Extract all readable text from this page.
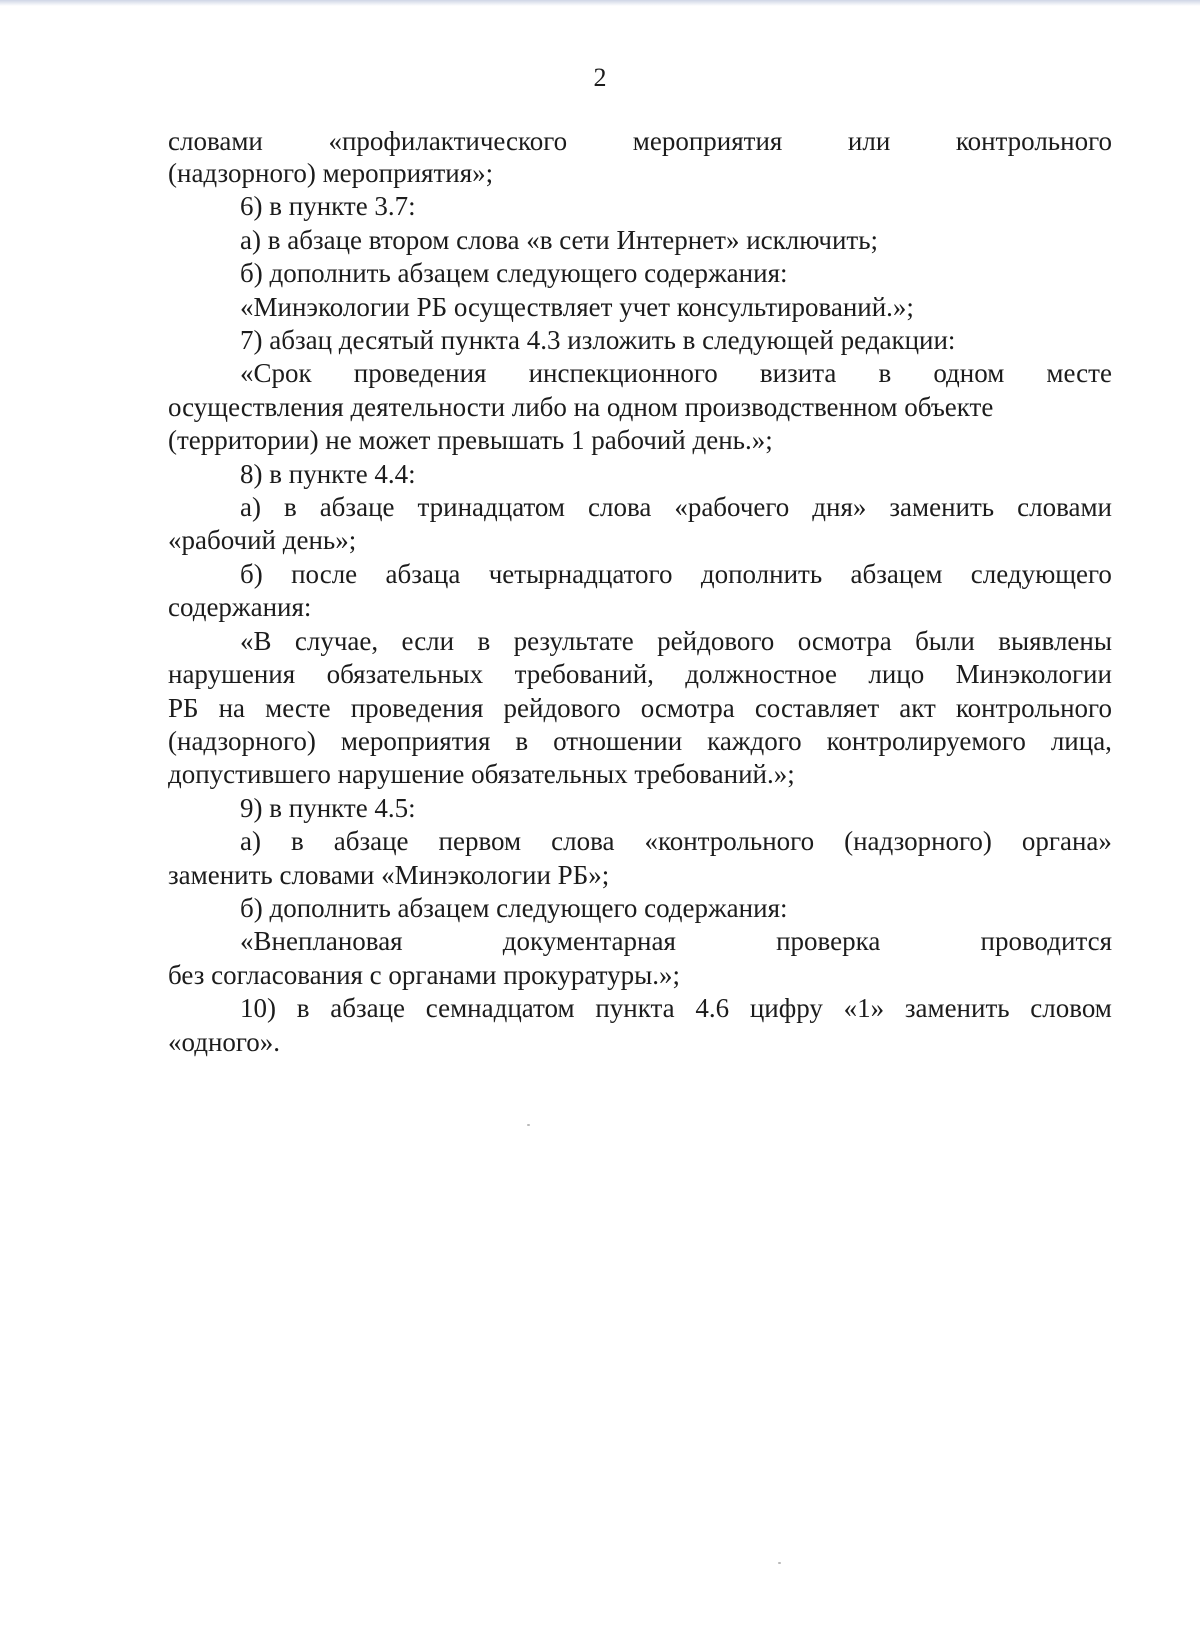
2
словами «профилактического мероприятия или контрольного
(надзорного) мероприятия»;
6) в пункте 3.7:
а) в абзаце втором слова «в сети Интернет» исключить;
б) дополнить абзацем следующего содержания:
«Минэкологии РБ осуществляет учет консультирований.»;
7) абзац десятый пункта 4.3 изложить в следующей редакции:
«Срок проведения инспекционного визита в одном месте
осуществления деятельности либо на одном производственном объекте
(территории) не может превышать 1 рабочий день.»;
8) в пункте 4.4:
а) в абзаце тринадцатом слова «рабочего дня» заменить словами
«рабочий день»;
б) после абзаца четырнадцатого дополнить абзацем следующего
содержания:
«В случае, если в результате рейдового осмотра были выявлены
нарушения обязательных требований, должностное лицо Минэкологии
РБ на месте проведения рейдового осмотра составляет акт контрольного
(надзорного) мероприятия в отношении каждого контролируемого лица,
допустившего нарушение обязательных требований.»;
9) в пункте 4.5:
а) в абзаце первом слова «контрольного (надзорного) органа»
заменить словами «Минэкологии РБ»;
б) дополнить абзацем следующего содержания:
«Внеплановая	документарная	проверка	проводится
без согласования с органами прокуратуры.»;
10) в абзаце семнадцатом пункта 4.6 цифру «1» заменить словом
«одного».
